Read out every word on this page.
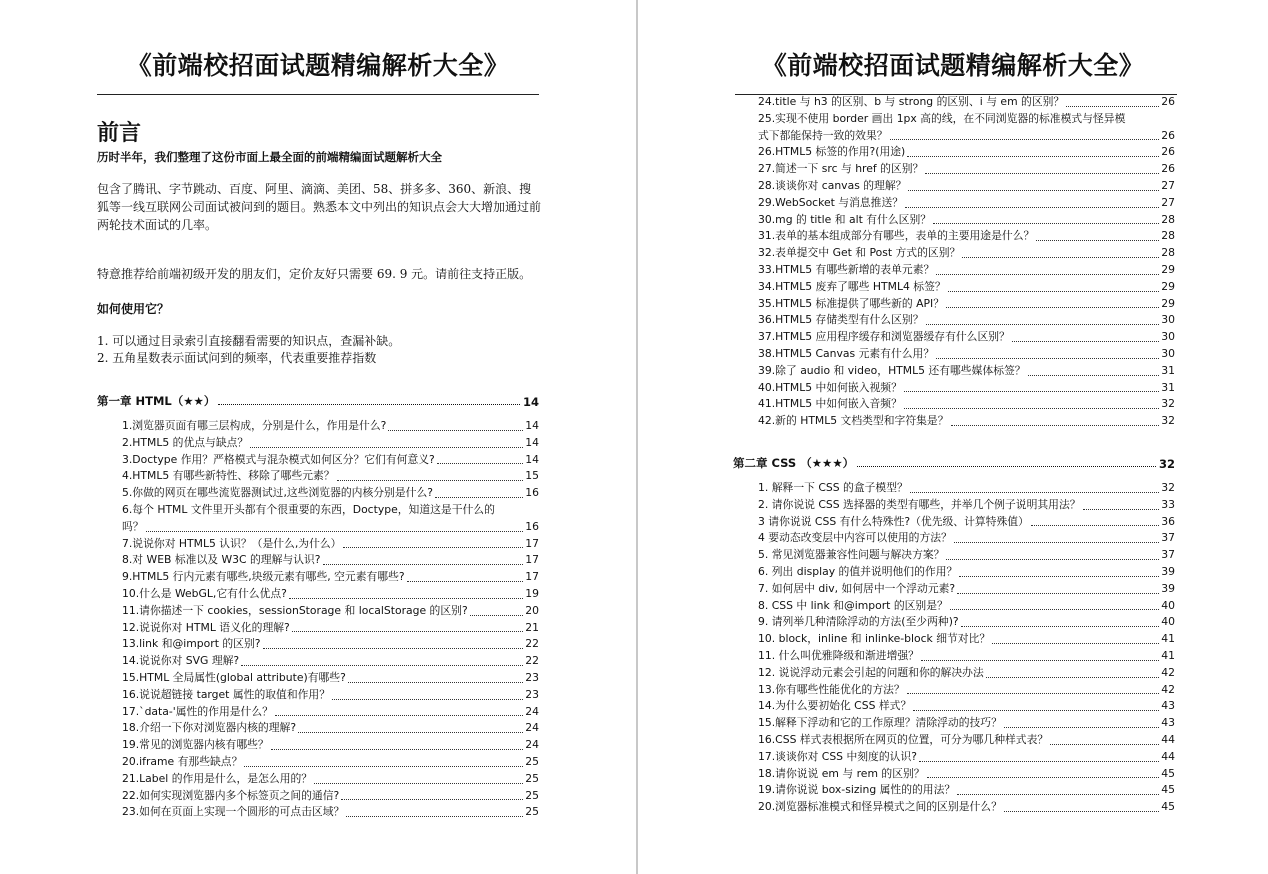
《前端校招面试题精编解析大全》
前言
历时半年，我们整理了这份市面上最全面的前端精编面试题解析大全
包含了腾讯、字节跳动、百度、阿里、滴滴、美团、58、拼多多、360、新浪、搜狐等一线互联网公司面试被问到的题目。熟悉本文中列出的知识点会大大增加通过前两轮技术面试的几率。
特意推荐给前端初级开发的朋友们，定价友好只需要 69. 9 元。请前往支持正版。
如何使用它？
1. 可以通过目录索引直接翻看需要的知识点，查漏补缺。
2. 五角星数表示面试问到的频率，代表重要推荐指数
第一章 HTML（★★）	14
1.浏览器页面有哪三层构成，分别是什么，作用是什么?	14
2.HTML5 的优点与缺点？	14
3.Doctype 作用？严格模式与混杂模式如何区分？它们有何意义?	14
4.HTML5 有哪些新特性、移除了哪些元素？	15
5.你做的网页在哪些流览器测试过,这些浏览器的内核分别是什么?	16
6.每个 HTML 文件里开头都有个很重要的东西，Doctype，知道这是干什么的
吗？	16
7.说说你对 HTML5 认识？（是什么,为什么）	17
8.对 WEB 标准以及 W3C 的理解与认识?	17
9.HTML5 行内元素有哪些,块级元素有哪些, 空元素有哪些?	17
10.什么是 WebGL,它有什么优点?	19
11.请你描述一下 cookies，sessionStorage 和 localStorage 的区别?	20
12.说说你对 HTML 语义化的理解?	21
13.link 和@import 的区别?	22
14.说说你对 SVG 理解?	22
15.HTML 全局属性(global attribute)有哪些?	23
16.说说超链接 target 属性的取值和作用？	23
17.`data-'属性的作用是什么？	24
18.介绍一下你对浏览器内核的理解?	24
19.常见的浏览器内核有哪些？	24
20.iframe 有那些缺点？	25
21.Label 的作用是什么，是怎么用的？	25
22.如何实现浏览器内多个标签页之间的通信?	25
23.如何在页面上实现一个圆形的可点击区域？	25
《前端校招面试题精编解析大全》
24.title 与 h3 的区别、b 与 strong 的区别、i 与 em 的区别？	26
25.实现不使用 border 画出 1px 高的线，在不同浏览器的标准模式与怪异模
式下都能保持一致的效果？	26
26.HTML5 标签的作用?(用途)	26
27.简述一下 src 与 href 的区别？	26
28.谈谈你对 canvas 的理解？	27
29.WebSocket 与消息推送？	27
30.mg 的 title 和 alt 有什么区别？	28
31.表单的基本组成部分有哪些，表单的主要用途是什么？	28
32.表单提交中 Get 和 Post 方式的区别？	28
33.HTML5 有哪些新增的表单元素？	29
34.HTML5 废弃了哪些 HTML4 标签？	29
35.HTML5 标准提供了哪些新的 API？	29
36.HTML5 存储类型有什么区别？	30
37.HTML5 应用程序缓存和浏览器缓存有什么区别？	30
38.HTML5 Canvas 元素有什么用？	30
39.除了 audio 和 video，HTML5 还有哪些媒体标签？	31
40.HTML5 中如何嵌入视频？	31
41.HTML5 中如何嵌入音频？	32
42.新的 HTML5 文档类型和字符集是？	32
第二章 CSS （★★★）	32
1. 解释一下 CSS 的盒子模型？	32
2. 请你说说 CSS 选择器的类型有哪些，并举几个例子说明其用法？	33
3 请你说说 CSS 有什么特殊性?（优先级、计算特殊值）	36
4 要动态改变层中内容可以使用的方法？	37
5. 常见浏览器兼容性问题与解决方案？	37
6. 列出 display 的值并说明他们的作用？	39
7. 如何居中 div, 如何居中一个浮动元素?	39
8. CSS 中 link 和@import 的区别是？	40
9. 请列举几种清除浮动的方法(至少两种)?	40
10. block，inline 和 inlinke-block 细节对比？	41
11. 什么叫优雅降级和渐进增强？	41
12. 说说浮动元素会引起的问题和你的解决办法	42
13.你有哪些性能优化的方法？	42
14.为什么要初始化 CSS 样式？	43
15.解释下浮动和它的工作原理？清除浮动的技巧？	43
16.CSS 样式表根据所在网页的位置，可分为哪几种样式表？	44
17.谈谈你对 CSS 中刻度的认识?	44
18.请你说说 em 与 rem 的区别？	45
19.请你说说 box-sizing 属性的的用法？	45
20.浏览器标准模式和怪异模式之间的区别是什么？	45
